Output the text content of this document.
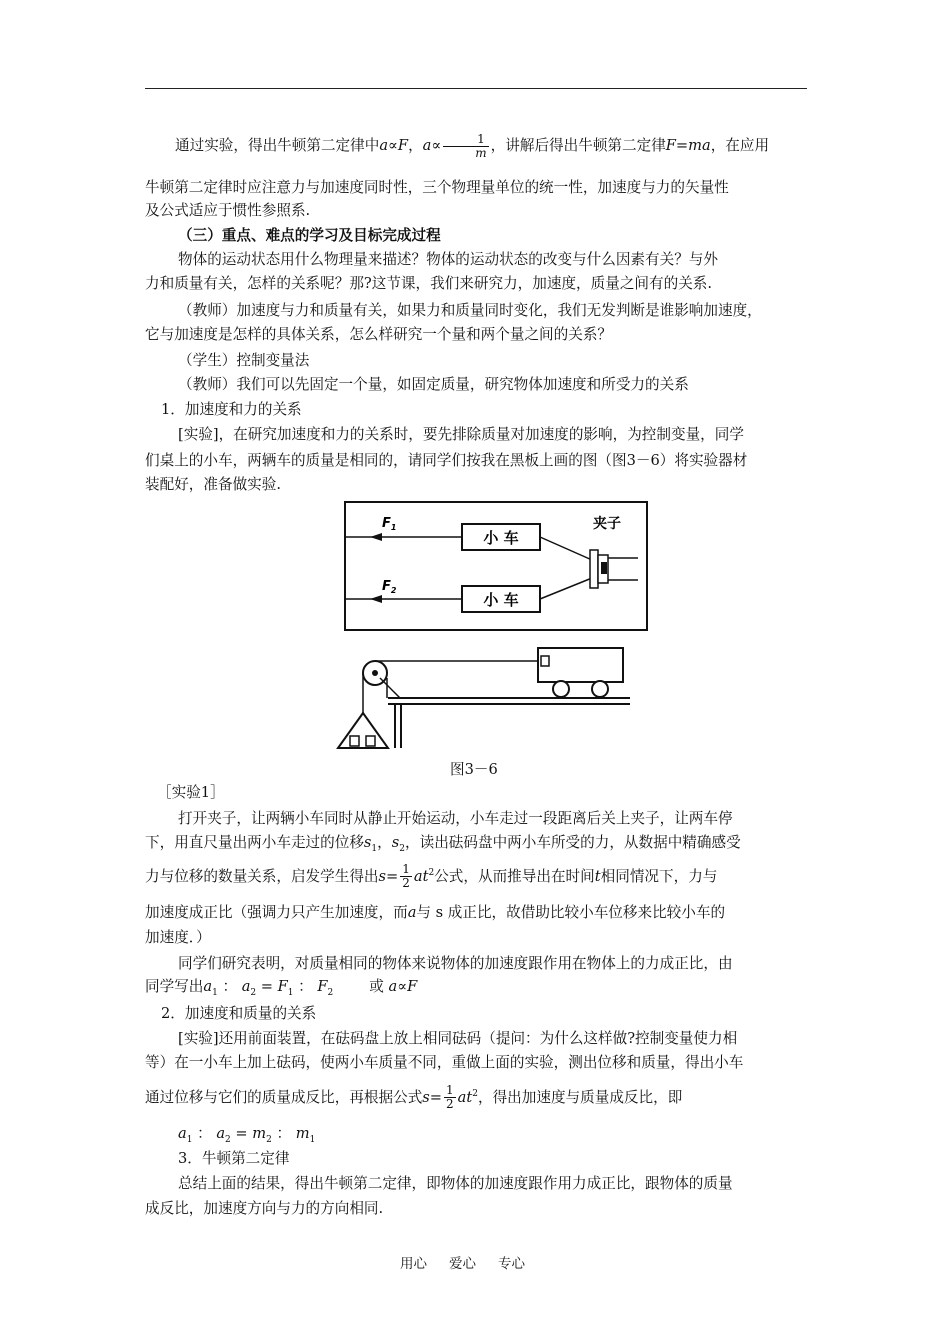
通过实验，得出牛顿第二定律中a∝F，$a\propto \frac{1}{m}$ ，讲解后得出牛顿第二定律F=ma，在应用
牛顿第二定律时应注意力与加速度同时性，三个物理量单位的统一性，加速度与力的矢量性
及公式适应于惯性参照系.
（三）重点、难点的学习及目标完成过程
物体的运动状态用什么物理量来描述？物体的运动状态的改变与什么因素有关？与外
力和质量有关，怎样的关系呢？那?这节课，我们来研究力，加速度，质量之间有的关系.
（教师）加速度与力和质量有关，如果力和质量同时变化，我们无发判断是谁影响加速度，
它与加速度是怎样的具体关系，怎么样研究一个量和两个量之间的关系？
（学生）控制变量法
（教师）我们可以先固定一个量，如固定质量，研究物体加速度和所受力的关系
1．加速度和力的关系
[实验]，在研究加速度和力的关系时，要先排除质量对加速度的影响，为控制变量，同学
们桌上的小车，两辆车的质量是相同的，请同学们按我在黑板上画的图（图3－6）将实验器材
装配好，准备做实验.
小 车
小 车
$F_1$
$F_2$
夹子
图3－6
［实验1］
打开夹子，让两辆小车同时从静止开始运动，小车走过一段距离后关上夹子，让两车停
下，用直尺量出两小车走过的位移$s_1$，$s_2$，读出砝码盘中两小车所受的力，从数据中精确感受
力与位移的数量关系，启发学生得出$s= \frac{1}{2} at^2$公式，从而推导出在时间t相同情况下，力与
加速度成正比（强调力只产生加速度，而a与 s 成正比，故借助比较小车位移来比较小车的
加速度．）
同学们研究表明，对质量相同的物体来说物体的加速度跟作用在物体上的力成正比，由
同学写出$a_1$ ： $a_2 = F_1$ ： $F_2$ 或 a∝F
2．加速度和质量的关系
[实验]还用前面装置，在砝码盘上放上相同砝码（提问：为什么这样做?控制变量使力相
等）在一小车上加上砝码，使两小车质量不同，重做上面的实验，测出位移和质量，得出小车
通过位移与它们的质量成反比，再根据公式$s= \frac{1}{2} at^2$，得出加速度与质量成反比，即
$a_1$ ： $a_2 = m_2$ ： $m_1$
3．牛顿第二定律
总结上面的结果，得出牛顿第二定律，即物体的加速度跟作用力成正比，跟物体的质量
成反比，加速度方向与力的方向相同.
用心 爱心 专心
